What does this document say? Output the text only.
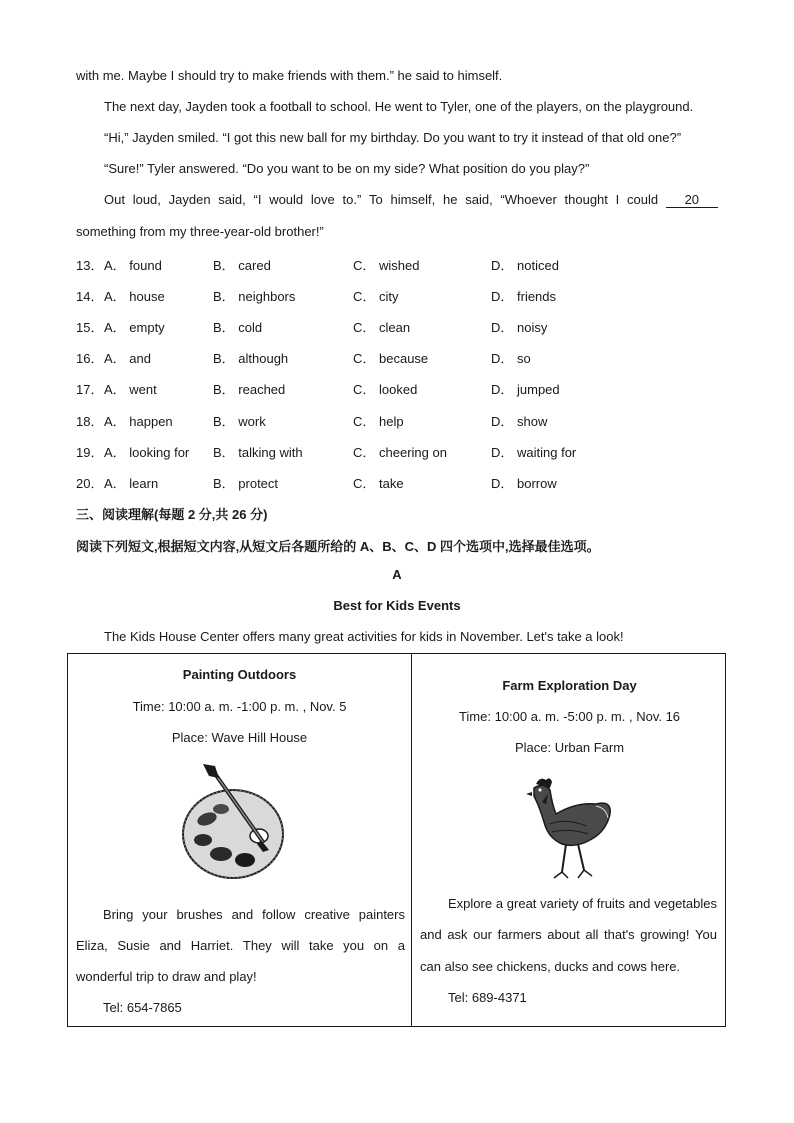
with me. Maybe I should try to make friends with them.” he said to himself.
The next day, Jayden took a football to school. He went to Tyler, one of the players, on the playground.
“Hi,” Jayden smiled. “I got this new ball for my birthday. Do you want to try it instead of that old one?”
“Sure!” Tyler answered. “Do you want to be on my side? What position do you play?”
Out loud, Jayden said, “I would love to.” To himself, he said, “Whoever thought I could	20
something from my three-year-old brother!”
13． A． found	B． cared	C． wished	D． noticed
14． A． house	B． neighbors	C． city	D． friends
15． A． empty	B． cold	C． clean	D． noisy
16． A． and	B． although	C． because	D． so
17． A． went	B． reached	C． looked	D． jumped
18． A． happen	B． work	C． help	D． show
19． A． looking for B． talking with	C． cheering on	D． waiting for
20． A． learn	B． protect	C． take	D． borrow
三、阅读理解(每题 2 分,共 26 分)
阅读下列短文,根据短文内容,从短文后各题所给的 A、B、C、D 四个选项中,选择最佳选项。
A
Best for Kids Events
The Kids House Center offers many great activities for kids in November. Let's take a look!
Painting Outdoors
Time: 10:00 a. m. -1:00 p. m. , Nov. 5
Place: Wave Hill House
Bring your brushes and follow creative painters
Eliza, Susie and Harriet. They will take you on a
wonderful trip to draw and play!
Tel: 654-7865
Farm Exploration Day
Time: 10:00 a. m. -5:00 p. m. , Nov. 16
Place: Urban Farm
Explore a great variety of fruits and vegetables
and ask our farmers about all that's growing! You
can also see chickens, ducks and cows here.
Tel: 689-4371
